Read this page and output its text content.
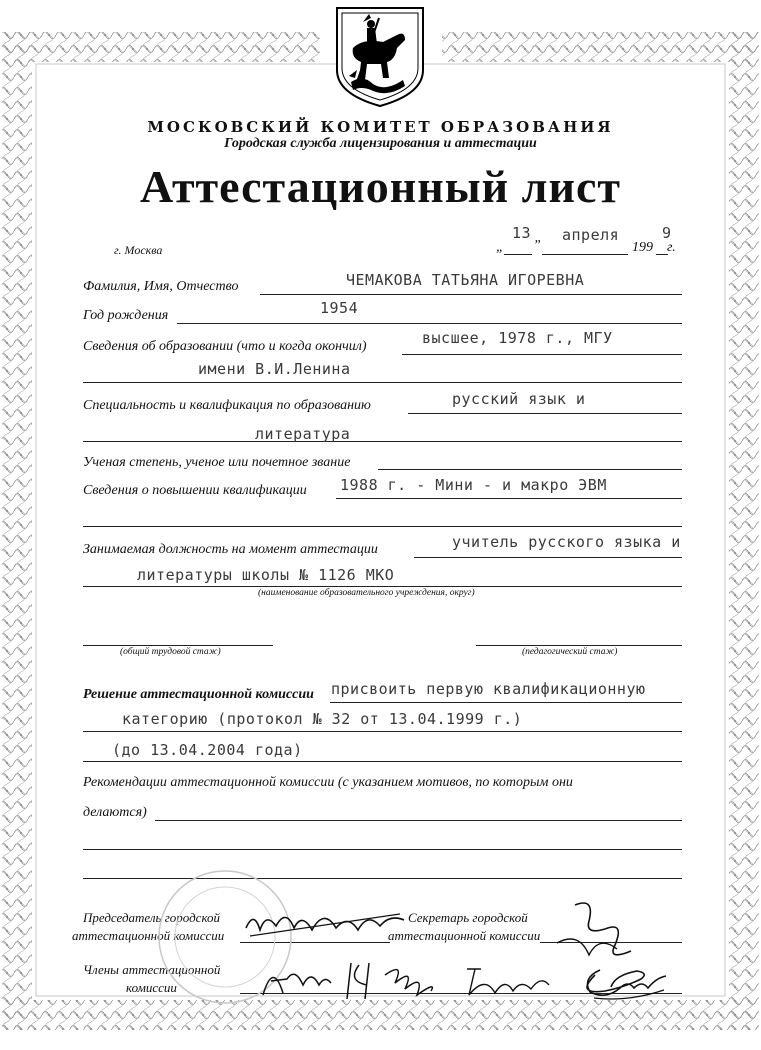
МОСКОВСКИЙ КОМИТЕТ ОБРАЗОВАНИЯ
Городская служба лицензирования и аттестации
Аттестационный лист
г. Москва	„
13
”
апреля
199
9
г.
Фамилия, Имя, Отчество	ЧЕМАКОВА ТАТЬЯНА ИГОРЕВНА
Год рождения	1954
Сведения об образовании (что и когда окончил)	высшее, 1978 г., МГУ
имени В.И.Ленина
Специальность и квалификация по образованию	русский язык и
литература
Ученая степень, ученое или почетное звание
Сведения о повышении квалификации 1988 г. - Мини - и макро ЭВМ
Занимаемая должность на момент аттестации	учитель русского языка и
литературы школы № 1126 МКО
(наименование образовательного учреждения, округ)
(общий трудовой стаж)	(педагогический стаж)
Решение аттестационной комиссии присвоить первую квалификационную
категорию (протокол № 32 от 13.04.1999 г.)
(до 13.04.2004 года)
Рекомендации аттестационной комиссии (с указанием мотивов, по которым они
делаются)
Председатель городской
аттестационной комиссии
Секретарь городской
аттестационной комиссии
Члены аттестационной
комиссии
